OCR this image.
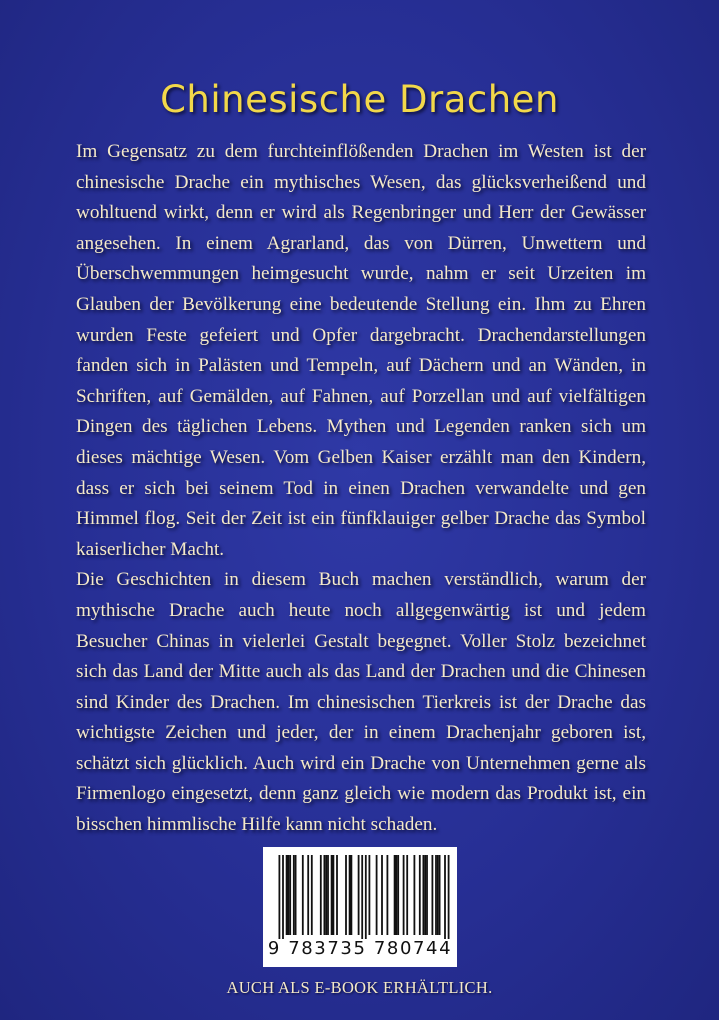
Chinesische Drachen

Im Gegensatz zu dem furchteinflößenden Drachen im Westen ist der chinesische Drache ein mythisches Wesen, das glücksverheißend und wohltuend wirkt, denn er wird als Regenbringer und Herr der Gewässer angesehen. In einem Agrarland, das von Dürren, Unwettern und Überschwemmungen heimgesucht wurde, nahm er seit Urzeiten im Glauben der Bevölkerung eine bedeutende Stellung ein. Ihm zu Ehren wurden Feste gefeiert und Opfer dargebracht. Drachendarstellungen fanden sich in Palästen und Tempeln, auf Dächern und an Wänden, in Schriften, auf Gemälden, auf Fahnen, auf Porzellan und auf vielfältigen Dingen des täglichen Lebens. Mythen und Legenden ranken sich um dieses mächtige Wesen. Vom Gelben Kaiser erzählt man den Kindern, dass er sich bei seinem Tod in einen Drachen verwandelte und gen Himmel flog. Seit der Zeit ist ein fünfklauiger gelber Drache das Symbol kaiserlicher Macht.

Die Geschichten in diesem Buch machen verständlich, warum der mythische Drache auch heute noch allgegenwärtig ist und jedem Besucher Chinas in vielerlei Gestalt begegnet. Voller Stolz bezeichnet sich das Land der Mitte auch als das Land der Drachen und die Chinesen sind Kinder des Drachen. Im chinesischen Tierkreis ist der Drache das wichtigste Zeichen und jeder, der in einem Drachenjahr geboren ist, schätzt sich glücklich. Auch wird ein Drache von Unternehmen gerne als Firmenlogo eingesetzt, denn ganz gleich wie modern das Produkt ist, ein bisschen himmlische Hilfe kann nicht schaden.

9 783735 780744
AUCH ALS E-BOOK ERHÄLTLICH.
